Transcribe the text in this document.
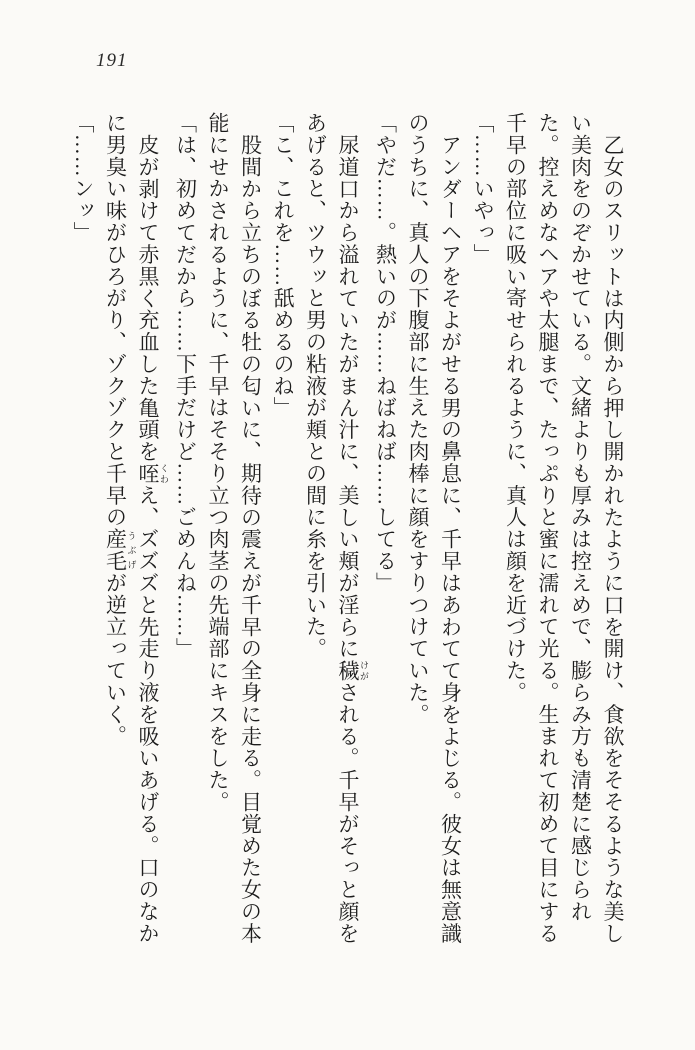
191

乙女のスリットは内側から押し開かれたように口を開け、食欲をそそるような美しい美肉をのぞかせている。文緒よりも厚みは控えめで、膨らみ方も清楚に感じられた。控えめなヘアや太腿まで、たっぷりと蜜に濡れて光る。生まれて初めて目にする千早の部位に吸い寄せられるように、真人は顔を近づけた。

「……いやっ」

アンダーヘアをそよがせる男の鼻息に、千早はあわてて身をよじる。彼女は無意識のうちに、真人の下腹部に生えた肉棒に顔をすりつけていた。

「やだ……。熱いのが……ねばねば……してる」

尿道口から溢れていたがまん汁に、美しい頬が淫らに穢 けがされる。千早がそっと顔をあげると、ツウッと男の粘液が頬との間に糸を引いた。

「こ、これを……舐めるのね」

股間から立ちのぼる牡の匂いに、期待の震えが千早の全身に走る。目覚めた女の本能にせかされるように、千早はそそり立つ肉茎の先端部にキスをした。

「は、初めてだから……下手だけど……ごめんね……」

皮が剥けて赤黒く充血した亀頭を咥 くわえ、ズズズと先走り液を吸いあげる。口のなかに男臭い味がひろがり、ゾクゾクと千早の産毛 うぶげが逆立っていく。

「……ンッ」
